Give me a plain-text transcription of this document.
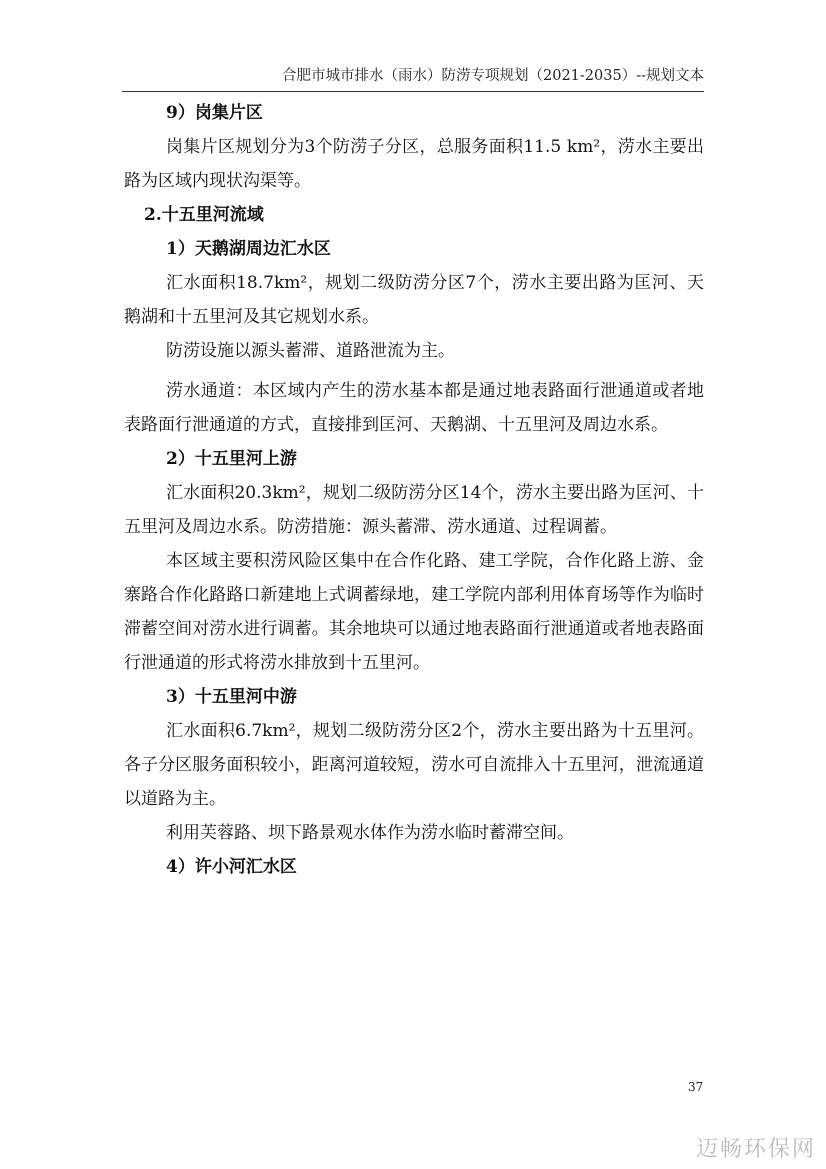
合肥市城市排水（雨水）防涝专项规划（2021-2035）--规划文本
9）岗集片区

岗集片区规划分为3个防涝子分区，总服务面积11.5 km²，涝水主要出路为区域内现状沟渠等。

2.十五里河流域
1）天鹅湖周边汇水区

汇水面积18.7km²，规划二级防涝分区7个，涝水主要出路为匡河、天鹅湖和十五里河及其它规划水系。

防涝设施以源头蓄滞、道路泄流为主。

涝水通道：本区域内产生的涝水基本都是通过地表路面行泄通道或者地表路面行泄通道的方式，直接排到匡河、天鹅湖、十五里河及周边水系。

2）十五里河上游

汇水面积20.3km²，规划二级防涝分区14个，涝水主要出路为匡河、十五里河及周边水系。防涝措施：源头蓄滞、涝水通道、过程调蓄。

本区域主要积涝风险区集中在合作化路、建工学院，合作化路上游、金寨路合作化路路口新建地上式调蓄绿地，建工学院内部利用体育场等作为临时滞蓄空间对涝水进行调蓄。其余地块可以通过地表路面行泄通道或者地表路面行泄通道的形式将涝水排放到十五里河。

3）十五里河中游

汇水面积6.7km²，规划二级防涝分区2个，涝水主要出路为十五里河。各子分区服务面积较小，距离河道较短，涝水可自流排入十五里河，泄流通道以道路为主。

利用芙蓉路、坝下路景观水体作为涝水临时蓄滞空间。

4）许小河汇水区
37
迈畅环保网
